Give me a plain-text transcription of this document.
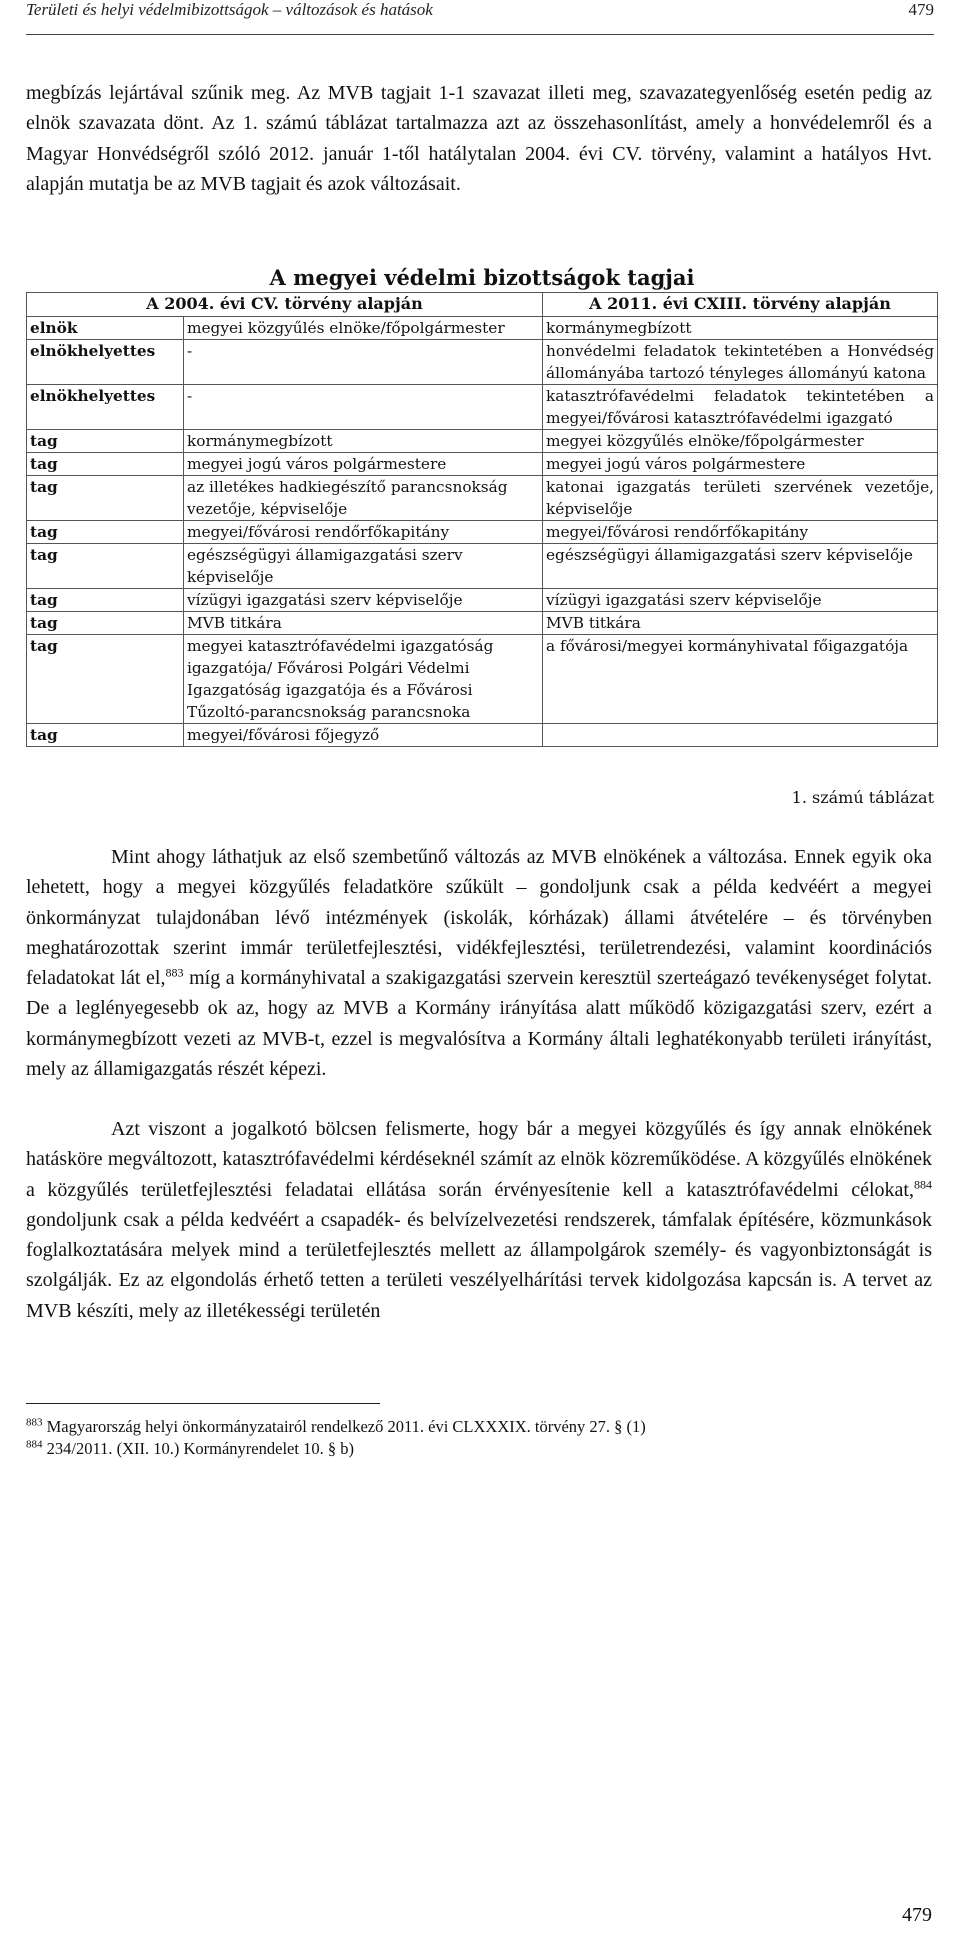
Területi és helyi védelmibizottságok – változások és hatások	479

megbízás lejártával szűnik meg. Az MVB tagjait 1-1 szavazat illeti meg, szavazategyenlőség esetén pedig az elnök szavazata dönt. Az 1. számú táblázat tartalmazza azt az összehasonlítást, amely a honvédelemről és a Magyar Honvédségről szóló 2012. január 1-től hatálytalan 2004. évi CV. törvény, valamint a hatályos Hvt. alapján mutatja be az MVB tagjait és azok változásait.

A megyei védelmi bizottságok tagjai
A 2004. évi CV. törvény alapján		A 2011. évi CXIII. törvény alapján
elnök	megyei közgyűlés elnöke/főpolgármester	kormánymegbízott
elnökhelyettes	-	honvédelmi feladatok tekintetében a Honvédség állományába tartozó tényleges állományú katona
elnökhelyettes	-	katasztrófavédelmi feladatok tekintetében a megyei/fővárosi katasztrófavédelmi igazgató
tag	kormánymegbízott	megyei közgyűlés elnöke/főpolgármester
tag	megyei jogú város polgármestere	megyei jogú város polgármestere
tag	az illetékes hadkiegészítő parancsnokság vezetője, képviselője	katonai igazgatás területi szervének vezetője, képviselője
tag	megyei/fővárosi rendőrfőkapitány	megyei/fővárosi rendőrfőkapitány
tag	egészségügyi államigazgatási szerv képviselője	egészségügyi államigazgatási szerv képviselője
tag	vízügyi igazgatási szerv képviselője	vízügyi igazgatási szerv képviselője
tag	MVB titkára	MVB titkára
tag	megyei katasztrófavédelmi igazgatóság igazgatója/ Fővárosi Polgári Védelmi Igazgatóság igazgatója és a Fővárosi Tűzoltó-parancsnokság parancsnoka	a fővárosi/megyei kormányhivatal főigazgatója
tag	megyei/fővárosi főjegyző	
1. számú táblázat

Mint ahogy láthatjuk az első szembetűnő változás az MVB elnökének a változása. Ennek egyik oka lehetett, hogy a megyei közgyűlés feladatköre szűkült – gondoljunk csak a példa kedvéért a megyei önkormányzat tulajdonában lévő intézmények (iskolák, kórházak) állami átvételére – és törvényben meghatározottak szerint immár területfejlesztési, vidékfejlesztési, területrendezési, valamint koordinációs feladatokat lát el,$^{883}$ míg a kormányhivatal a szakigazgatási szervein keresztül szerteágazó tevékenységet folytat. De a leglényegesebb ok az, hogy az MVB a Kormány irányítása alatt működő közigazgatási szerv, ezért a kormánymegbízott vezeti az MVB-t, ezzel is megvalósítva a Kormány általi leghatékonyabb területi irányítást, mely az államigazgatás részét képezi.

Azt viszont a jogalkotó bölcsen felismerte, hogy bár a megyei közgyűlés és így annak elnökének hatásköre megváltozott, katasztrófavédelmi kérdéseknél számít az elnök közreműködése. A közgyűlés elnökének a közgyűlés területfejlesztési feladatai ellátása során érvényesítenie kell a katasztrófavédelmi célokat,$^{884}$ gondoljunk csak a példa kedvéért a csapadék- és belvízelvezetési rendszerek, támfalak építésére, közmunkások foglalkoztatására melyek mind a területfejlesztés mellett az állampolgárok személy- és vagyonbiztonságát is szolgálják. Ez az elgondolás érhető tetten a területi veszélyelhárítási tervek kidolgozása kapcsán is. A tervet az MVB készíti, mely az illetékességi területén

$^{883}$ Magyarország helyi önkormányzatairól rendelkező 2011. évi CLXXXIX. törvény 27. § (1)
$^{884}$ 234/2011. (XII. 10.) Kormányrendelet 10. § b)
479
